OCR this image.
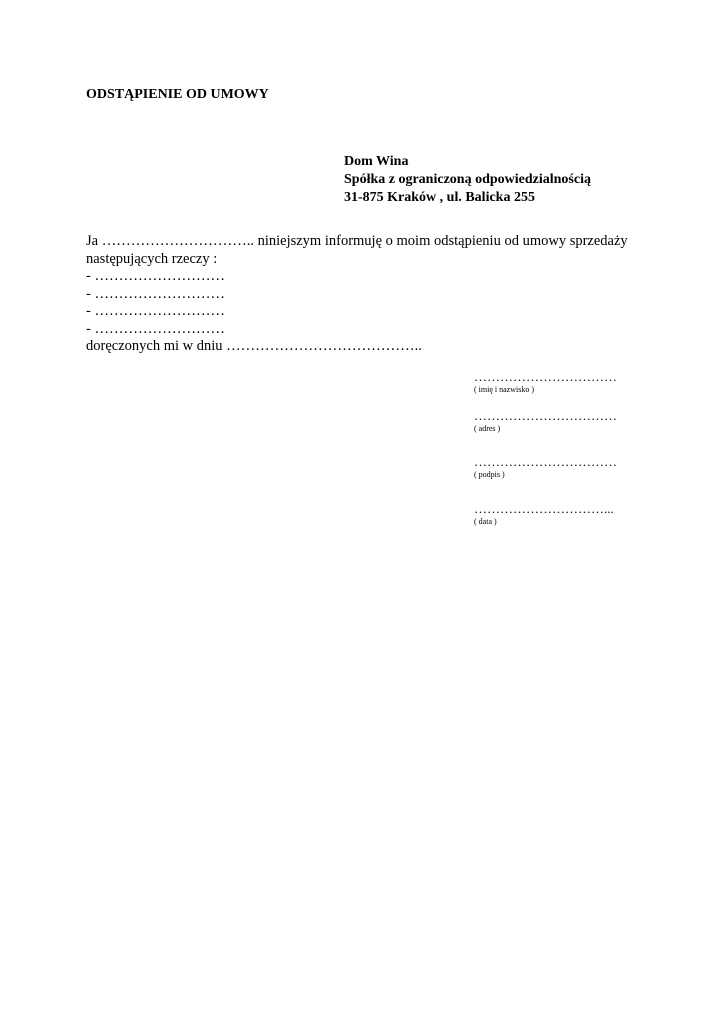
ODSTĄPIENIE OD UMOWY
Dom Wina
Spółka z ograniczoną odpowiedzialnością
31-875 Kraków , ul. Balicka 255
Ja ………………………….. niniejszym informuję o moim odstąpieniu od umowy sprzedaży
następujących rzeczy :
- ………………………
- ………………………
- ………………………
- ………………………
doręczonych mi w dniu …………………………………..
……………………………
( imię i nazwisko )
……………………………
( adres )
……………………………
( podpis )
…………………………...
( data )
